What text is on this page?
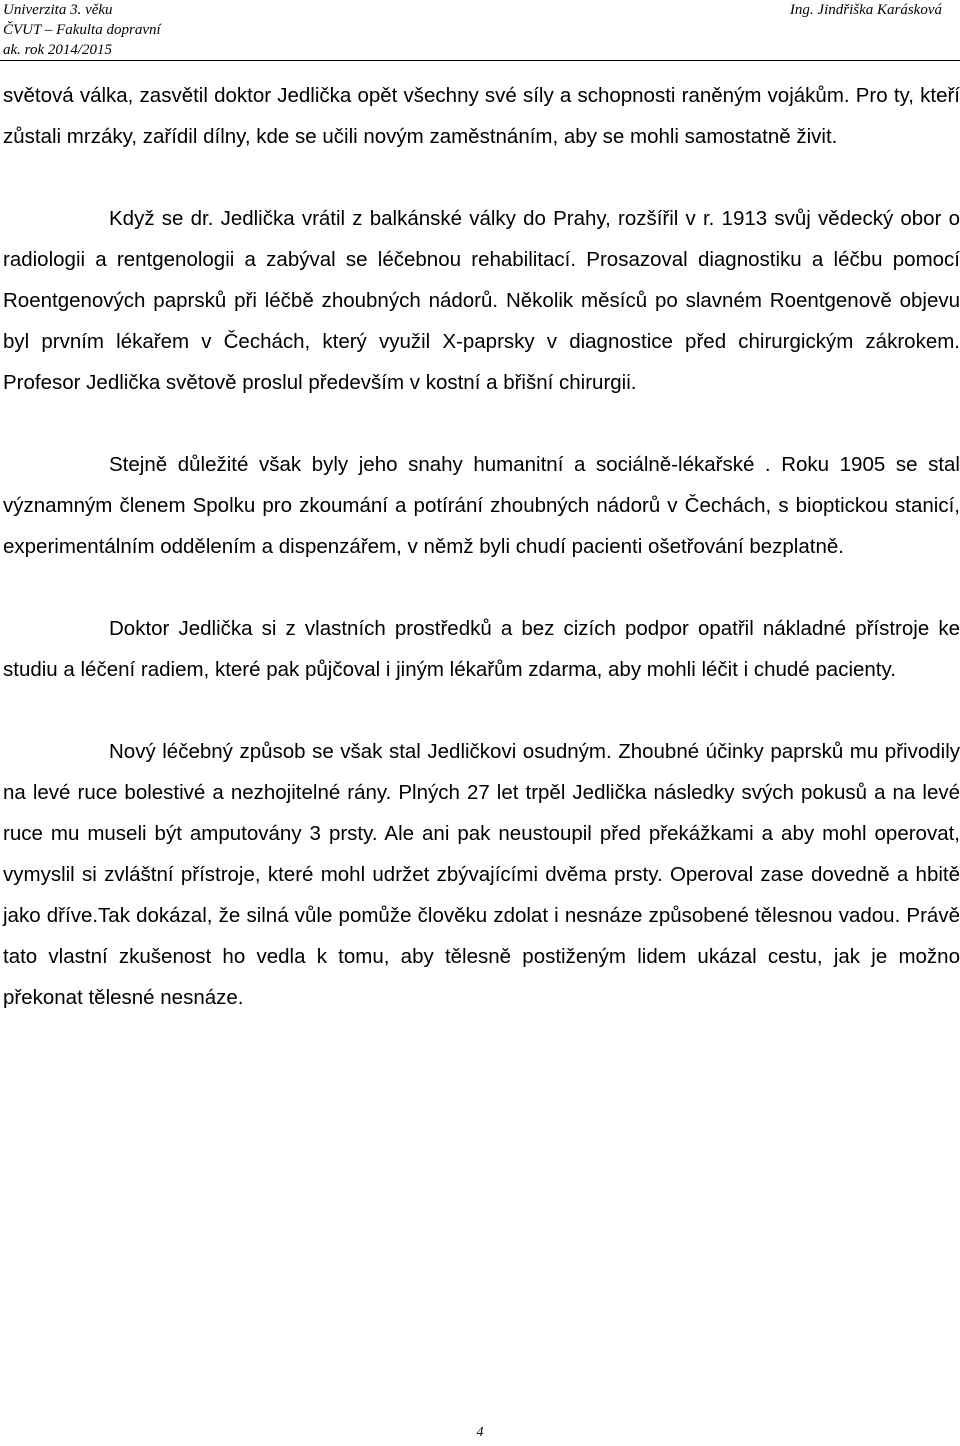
Univerzita 3. věku
ČVUT – Fakulta dopravní
ak. rok 2014/2015
Ing. Jindřiška Karásková

světová válka, zasvětil doktor Jedlička opět všechny své síly a schopnosti raněným vojákům. Pro ty, kteří zůstali mrzáky, zařídil dílny, kde se učili novým zaměstnáním, aby se mohli samostatně živit.

Když se dr. Jedlička vrátil z balkánské války do Prahy, rozšířil v r. 1913 svůj vědecký obor o radiologii a rentgenologii a zabýval se léčebnou rehabilitací. Prosazoval diagnostiku a léčbu pomocí Roentgenových paprsků při léčbě zhoubných nádorů. Několik měsíců po slavném Roentgenově objevu byl prvním lékařem v Čechách, který využil X-paprsky v diagnostice před chirurgickým zákrokem. Profesor Jedlička světově proslul především v kostní a břišní chirurgii.

Stejně důležité však byly jeho snahy humanitní a sociálně-lékařské . Roku 1905 se stal významným členem Spolku pro zkoumání a potírání zhoubných nádorů v Čechách, s bioptickou stanicí, experimentálním oddělením a dispenzářem, v němž byli chudí pacienti ošetřování bezplatně.

Doktor Jedlička si z vlastních prostředků a bez cizích podpor opatřil nákladné přístroje ke studiu a léčení radiem, které pak půjčoval i jiným lékařům zdarma, aby mohli léčit i chudé pacienty.

Nový léčebný způsob se však stal Jedličkovi osudným. Zhoubné účinky paprsků mu přivodily na levé ruce bolestivé a nezhojitelné rány. Plných 27 let trpěl Jedlička následky svých pokusů a na levé ruce mu museli být amputovány 3 prsty. Ale ani pak neustoupil před překážkami a aby mohl operovat, vymyslil si zvláštní přístroje, které mohl udržet zbývajícími dvěma prsty. Operoval zase dovedně a hbitě jako dříve.Tak dokázal, že silná vůle pomůže člověku zdolat i nesnáze způsobené tělesnou vadou. Právě tato vlastní zkušenost ho vedla k tomu, aby tělesně postiženým lidem ukázal cestu, jak je možno překonat tělesné nesnáze.

4
